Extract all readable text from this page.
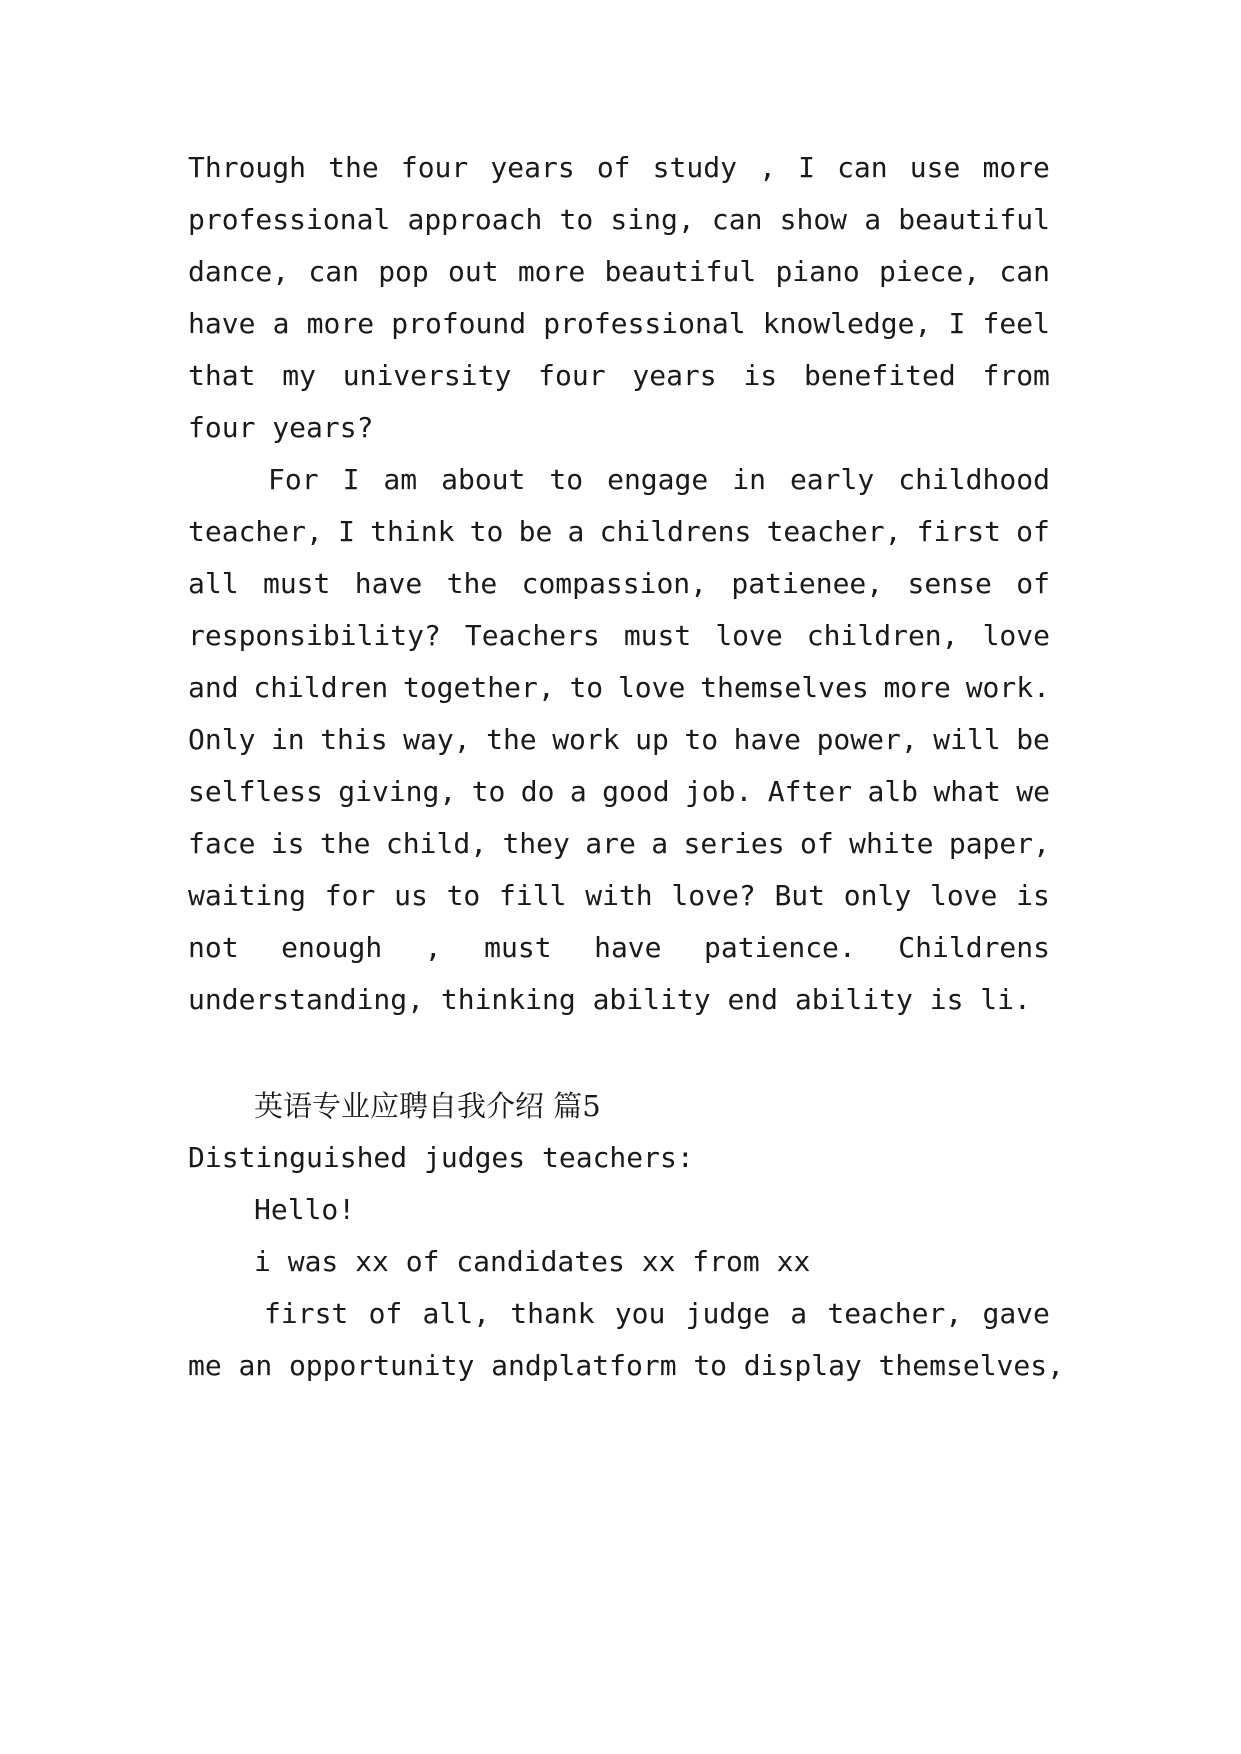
Through the four years of study , I can use more
professional approach to sing, can show a beautiful
dance, can pop out more beautiful piano piece, can
have a more profound professional knowledge, I feel
that my university four years is benefited from
four years?
For I am about to engage in early childhood
teacher, I think to be a childrens teacher, first of
all must have the compassion, patienee, sense of
responsibility? Teachers must love children, love
and children together, to love themselves more work.
Only in this way, the work up to have power, will be
selfless giving, to do a good job. After alb what we
face is the child, they are a series of white paper,
waiting for us to fill with love? But only love is
not enough , must have patience. Childrens
understanding, thinking ability end ability is li.
英语专业应聘自我介绍 篇5
Distinguished judges teachers:
Hello!
i was xx of candidates xx from xx
first of all, thank you judge a teacher, gave
me an opportunity andplatform to display themselves,
